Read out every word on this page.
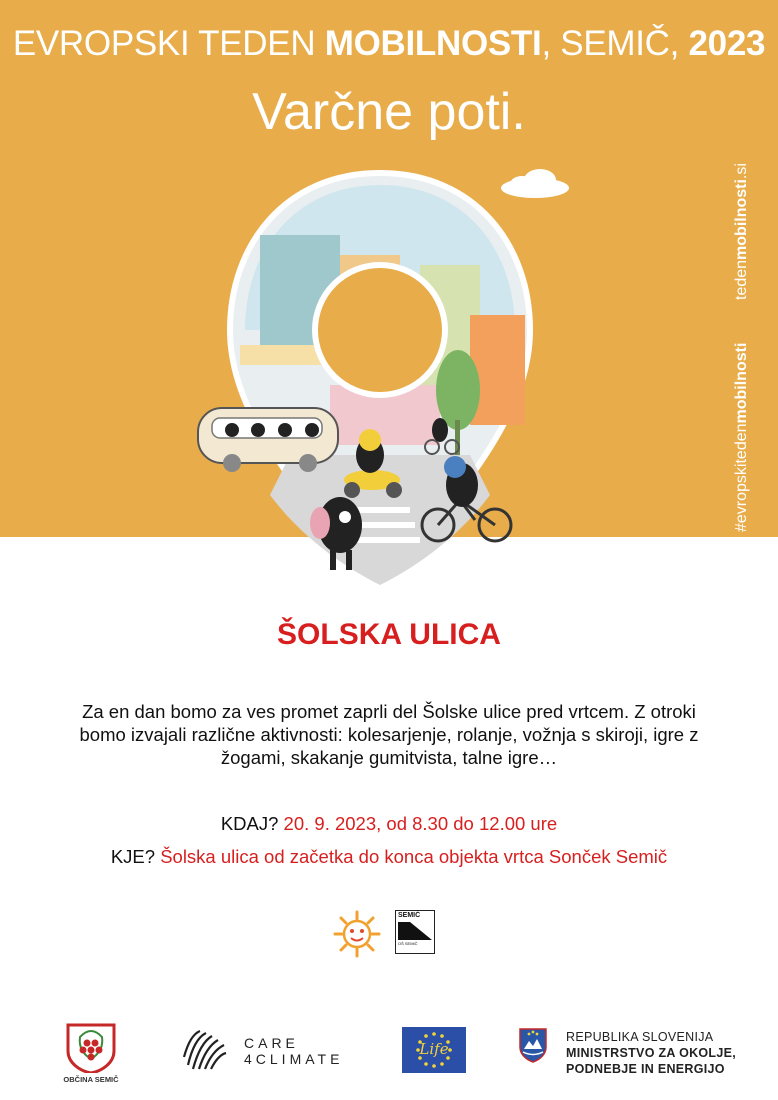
EVROPSKI TEDEN MOBILNOSTI, SEMIČ, 2023
Varčne poti.
tedenmobilnosti.si
#evropskitedenmobilnosti
ŠOLSKA ULICA
Za en dan bomo za ves promet zaprli del Šolske ulice pred vrtcem. Z otroki bomo izvajali različne aktivnosti: kolesarjenje, rolanje, vožnja s skiroji, igre z žogami, skakanje gumitvista, talne igre…
KDAJ? 20. 9. 2023, od 8.30 do 12.00 ure
KJE? Šolska ulica od začetka do konca objekta vrtca Sonček Semič
SEMIČ
OŠ SEMIČ
OBČINA SEMIČ
CARE
4CLIMATE
Life
REPUBLIKA SLOVENIJA
MINISTRSTVO ZA OKOLJE,
PODNEBJE IN ENERGIJO
